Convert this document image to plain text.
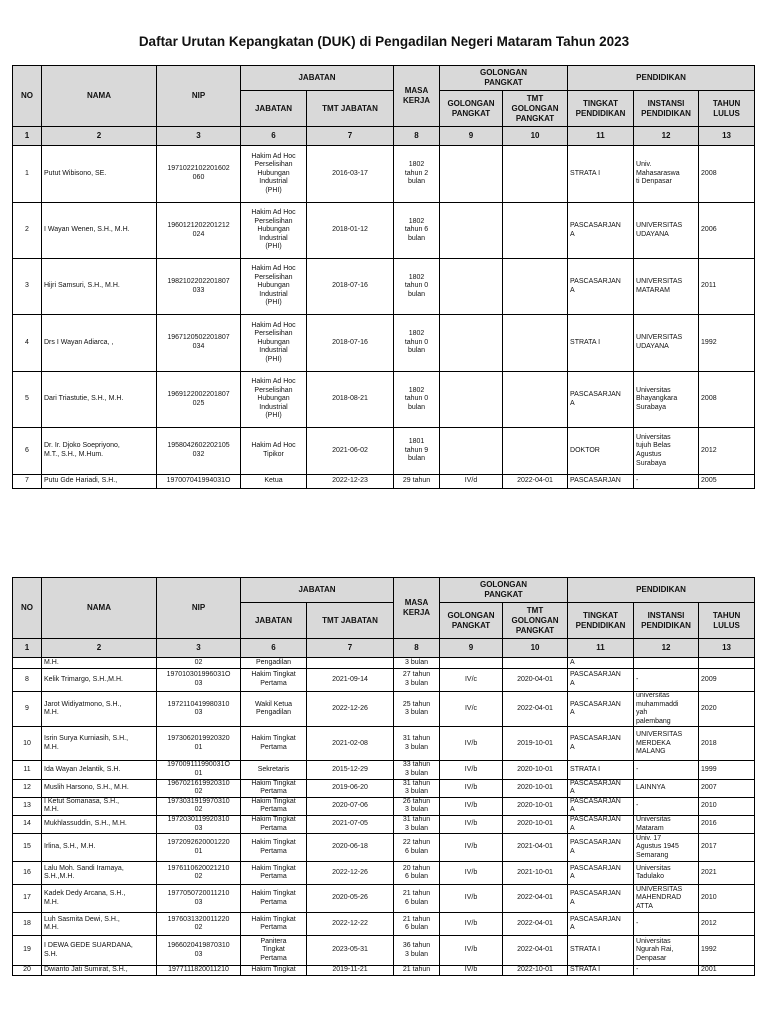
Daftar Urutan Kepangkatan (DUK) di Pengadilan Negeri Mataram Tahun 2023
NO	NAMA	NIP	JABATAN		MASA
KERJA	GOLONGAN
PANGKAT		PENDIDIKAN		
			JABATAN	TMT JABATAN		GOLONGAN
PANGKAT	TMT
GOLONGAN
PANGKAT	TINGKAT
PENDIDIKAN	INSTANSI
PENDIDIKAN	TAHUN
LULUS
1	2	3	6	7	8	9	10	11	12	13
1	Putut Wibisono, SE.	1971022102201602
060	Hakim Ad Hoc
Perselisihan
Hubungan
Industrial
(PHI)	2016-03-17	1802
tahun 2
bulan			STRATA I	Univ.
Mahasaraswa
ti Denpasar	2008
2	I Wayan Wenen, S.H., M.H.	1960121202201212
024	Hakim Ad Hoc
Perselisihan
Hubungan
Industrial
(PHI)	2018-01-12	1802
tahun 6
bulan			PASCASARJAN
A	UNIVERSITAS
UDAYANA	2006
3	Hijri Samsuri, S.H., M.H.	1982102202201807
033	Hakim Ad Hoc
Perselisihan
Hubungan
Industrial
(PHI)	2018-07-16	1802
tahun 0
bulan			PASCASARJAN
A	UNIVERSITAS
MATARAM	2011
4	Drs I Wayan Adiarca, ,	1967120502201807
034	Hakim Ad Hoc
Perselisihan
Hubungan
Industrial
(PHI)	2018-07-16	1802
tahun 0
bulan			STRATA I	UNIVERSITAS
UDAYANA	1992
5	Dari Triastutie, S.H., M.H.	1969122002201807
025	Hakim Ad Hoc
Perselisihan
Hubungan
Industrial
(PHI)	2018-08-21	1802
tahun 0
bulan			PASCASARJAN
A	Universitas
Bhayangkara
Surabaya	2008
6	Dr. Ir. Djoko Soepriyono,
M.T., S.H., M.Hum.	1958042602202105
032	Hakim Ad Hoc
Tipikor	2021-06-02	1801
tahun 9
bulan			DOKTOR	Universitas
tujuh Belas
Agustus
Surabaya	2012
7	Putu Gde Hariadi, S.H.,	197007041994031O	Ketua	2022-12-23	29 tahun	IV/d	2022-04-01	PASCASARJAN	-	2005
NO	NAMA	NIP	JABATAN		MASA
KERJA	GOLONGAN
PANGKAT		PENDIDIKAN		
			JABATAN	TMT JABATAN		GOLONGAN
PANGKAT	TMT
GOLONGAN
PANGKAT	TINGKAT
PENDIDIKAN	INSTANSI
PENDIDIKAN	TAHUN
LULUS
1	2	3	6	7	8	9	10	11	12	13
	M.H.	02	Pengadilan		3 bulan			A		
8	Kelik Trimargo, S.H.,M.H.	197010301996031O
03	Hakim Tingkat
Pertama	2021-09-14	27 tahun
3 bulan	IV/c	2020-04-01	PASCASARJAN
A	-	2009
9	Jarot Widiyatmono, S.H.,
M.H.	1972110419980310
03	Wakil Ketua
Pengadilan	2022-12-26	25 tahun
3 bulan	IV/c	2022-04-01	PASCASARJAN
A	universitas
muhammaddi
yah
palembang	2020
10	Isrin Surya Kurniasih, S.H.,
M.H.	1973062019920320
01	Hakim Tingkat
Pertama	2021-02-08	31 tahun
3 bulan	IV/b	2019-10-01	PASCASARJAN
A	UNIVERSITAS
MERDEKA
MALANG	2018
11	Ida Wayan Jelantik, S.H.	197009111990031O
01	Sekretaris	2015-12-29	33 tahun
3 bulan	IV/b	2020-10-01	STRATA I	-	1999
12	Muslih Harsono, S.H., M.H.	1967021619920310
02	Hakim Tingkat
Pertama	2019-06-20	31 tahun
3 bulan	IV/b	2020-10-01	PASCASARJAN
A	LAINNYA	2007
13	I Ketut Somanasa, S.H.,
M.H.	1973031919970310
02	Hakim Tingkat
Pertama	2020-07-06	26 tahun
3 bulan	IV/b	2020-10-01	PASCASARJAN
A	-	2010
14	Mukhlassuddin, S.H., M.H.	1972030119920310
03	Hakim Tingkat
Pertama	2021-07-05	31 tahun
3 bulan	IV/b	2020-10-01	PASCASARJAN
A	Universitas
Mataram	2016
15	Irlina, S.H., M.H.	1972092620001220
01	Hakim Tingkat
Pertama	2020-06-18	22 tahun
6 bulan	IV/b	2021-04-01	PASCASARJAN
A	Univ. 17
Agustus 1945
Semarang	2017
16	Lalu Moh. Sandi Iramaya,
S.H.,M.H.	1976110620021210
02	Hakim Tingkat
Pertama	2022-12-26	20 tahun
6 bulan	IV/b	2021-10-01	PASCASARJAN
A	Universitas
Tadulako	2021
17	Kadek Dedy Arcana, S.H.,
M.H.	1977050720011210
03	Hakim Tingkat
Pertama	2020-05-26	21 tahun
6 bulan	IV/b	2022-04-01	PASCASARJAN
A	UNIVERSITAS
MAHENDRAD
ATTA	2010
18	Luh Sasmita Dewi, S.H.,
M.H.	1976031320011220
02	Hakim Tingkat
Pertama	2022-12-22	21 tahun
6 bulan	IV/b	2022-04-01	PASCASARJAN
A	-	2012
19	I DEWA GEDE SUARDANA,
S.H.	1966020419870310
03	Panitera
Tingkat
Pertama	2023-05-31	36 tahun
3 bulan	IV/b	2022-04-01	STRATA I	Universitas
Ngurah Rai,
Denpasar	1992
20	Dwianto Jati Sumirat, S.H.,	1977111820011210	Hakim Tingkat	2019-11-21	21 tahun	IV/b	2022-10-01	STRATA I	-	2001
